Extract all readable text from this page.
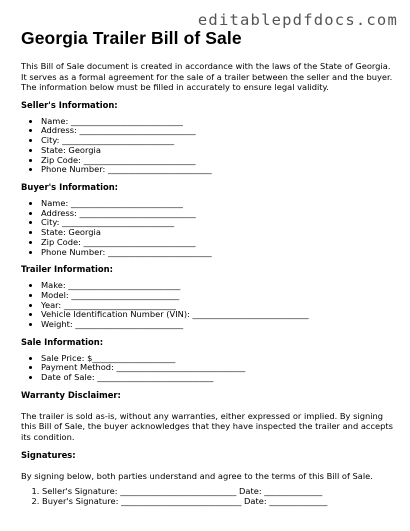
editablepdfdocs.com
Georgia Trailer Bill of Sale

This Bill of Sale document is created in accordance with the laws of the State of Georgia. It serves as a formal agreement for the sale of a trailer between the seller and the buyer. The information below must be filled in accurately to ensure legal validity.

Seller's Information:
• Name: ___________________________
• Address: ____________________________
• City: ___________________________
• State: Georgia
• Zip Code: ___________________________
• Phone Number: _________________________
Buyer's Information:
• Name: ___________________________
• Address: ____________________________
• City: ___________________________
• State: Georgia
• Zip Code: ___________________________
• Phone Number: _________________________
Trailer Information:
• Make: ___________________________
• Model: __________________________
• Year: ___________________________
• Vehicle Identification Number (VIN): ____________________________
• Weight: __________________________
Sale Information:
• Sale Price: $____________________
• Payment Method: _______________________________
• Date of Sale: ____________________________
Warranty Disclaimer:

The trailer is sold as-is, without any warranties, either expressed or implied. By signing this Bill of Sale, the buyer acknowledges that they have inspected the trailer and accepts its condition.

Signatures:

By signing below, both parties understand and agree to the terms of this Bill of Sale.

1. Seller's Signature: ____________________________ Date: ______________
2. Buyer's Signature: _____________________________ Date: ______________
